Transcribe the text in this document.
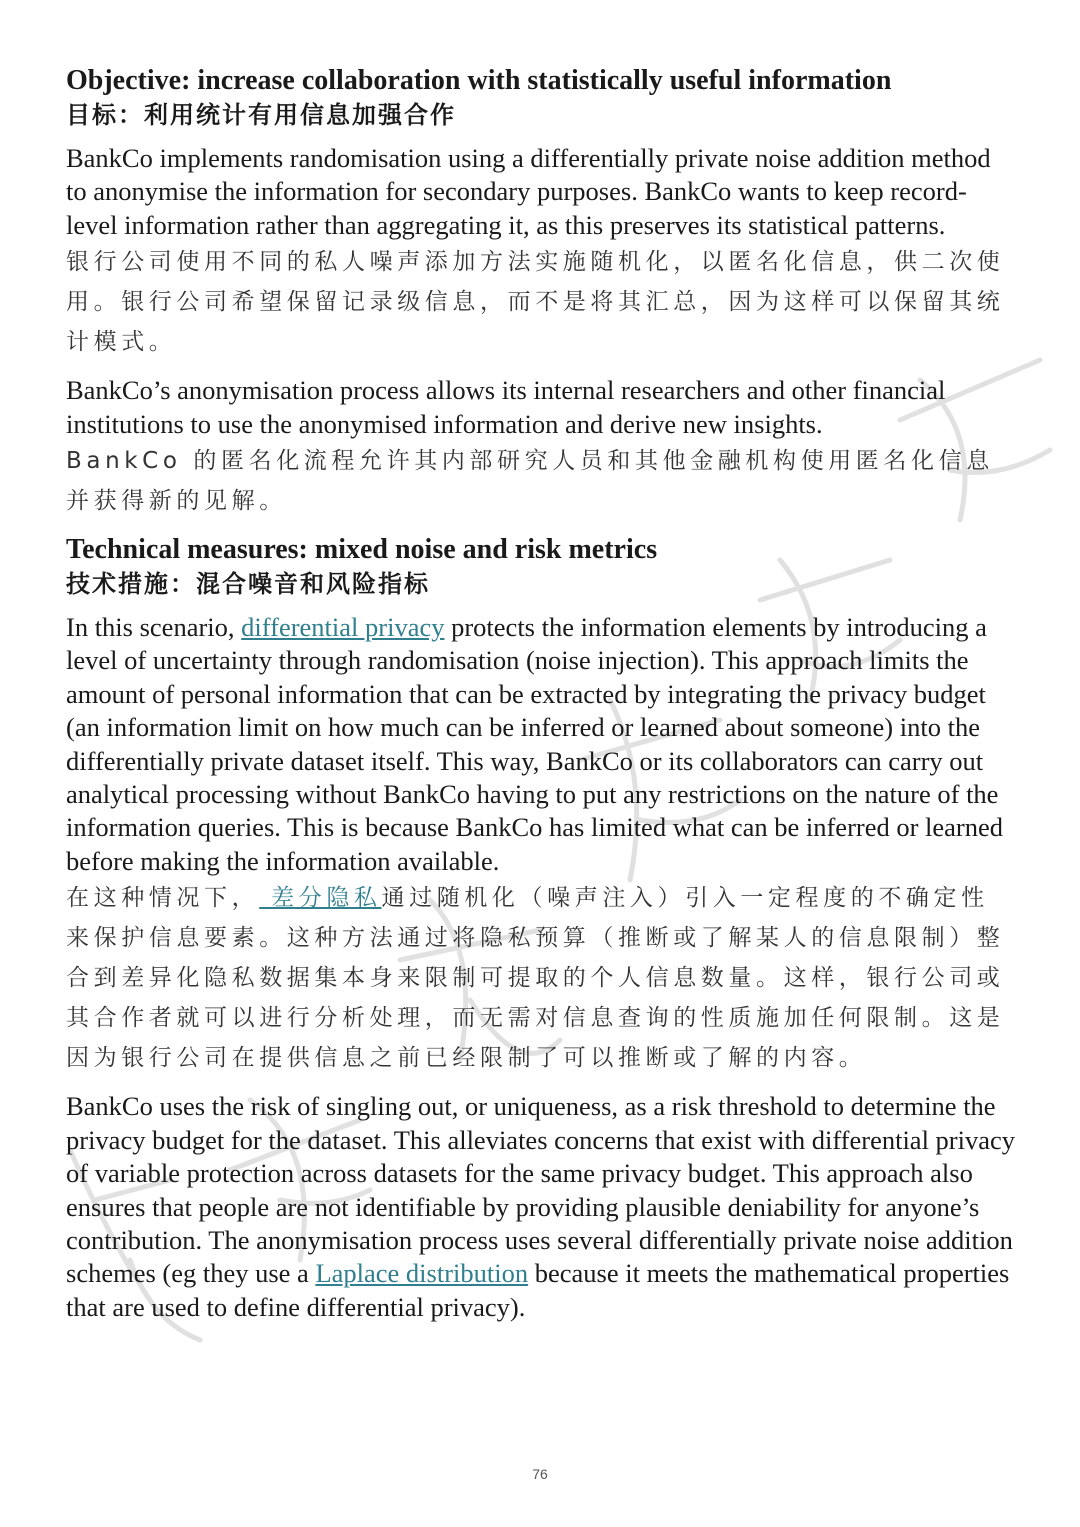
Objective: increase collaboration with statistically useful information
目标：利用统计有用信息加强合作

BankCo implements randomisation using a differentially private noise addition method to anonymise the information for secondary purposes. BankCo wants to keep record-level information rather than aggregating it, as this preserves its statistical patterns.

银行公司使用不同的私人噪声添加方法实施随机化，以匿名化信息，供二次使用。银行公司希望保留记录级信息，而不是将其汇总，因为这样可以保留其统计模式。

BankCo’s anonymisation process allows its internal researchers and other financial institutions to use the anonymised information and derive new insights.

BankCo 的匿名化流程允许其内部研究人员和其他金融机构使用匿名化信息并获得新的见解。

Technical measures: mixed noise and risk metrics
技术措施：混合噪音和风险指标

In this scenario, differential privacy protects the information elements by introducing a level of uncertainty through randomisation (noise injection). This approach limits the amount of personal information that can be extracted by integrating the privacy budget (an information limit on how much can be inferred or learned about someone) into the differentially private dataset itself. This way, BankCo or its collaborators can carry out analytical processing without BankCo having to put any restrictions on the nature of the information queries. This is because BankCo has limited what can be inferred or learned before making the information available.

在这种情况下， 差分隐私通过随机化（噪声注入）引入一定程度的不确定性来保护信息要素。这种方法通过将隐私预算（推断或了解某人的信息限制）整合到差异化隐私数据集本身来限制可提取的个人信息数量。这样，银行公司或其合作者就可以进行分析处理，而无需对信息查询的性质施加任何限制。这是因为银行公司在提供信息之前已经限制了可以推断或了解的内容。

BankCo uses the risk of singling out, or uniqueness, as a risk threshold to determine the privacy budget for the dataset. This alleviates concerns that exist with differential privacy of variable protection across datasets for the same privacy budget. This approach also ensures that people are not identifiable by providing plausible deniability for anyone’s contribution. The anonymisation process uses several differentially private noise addition schemes (eg they use a Laplace distribution because it meets the mathematical properties that are used to define differential privacy).

76
